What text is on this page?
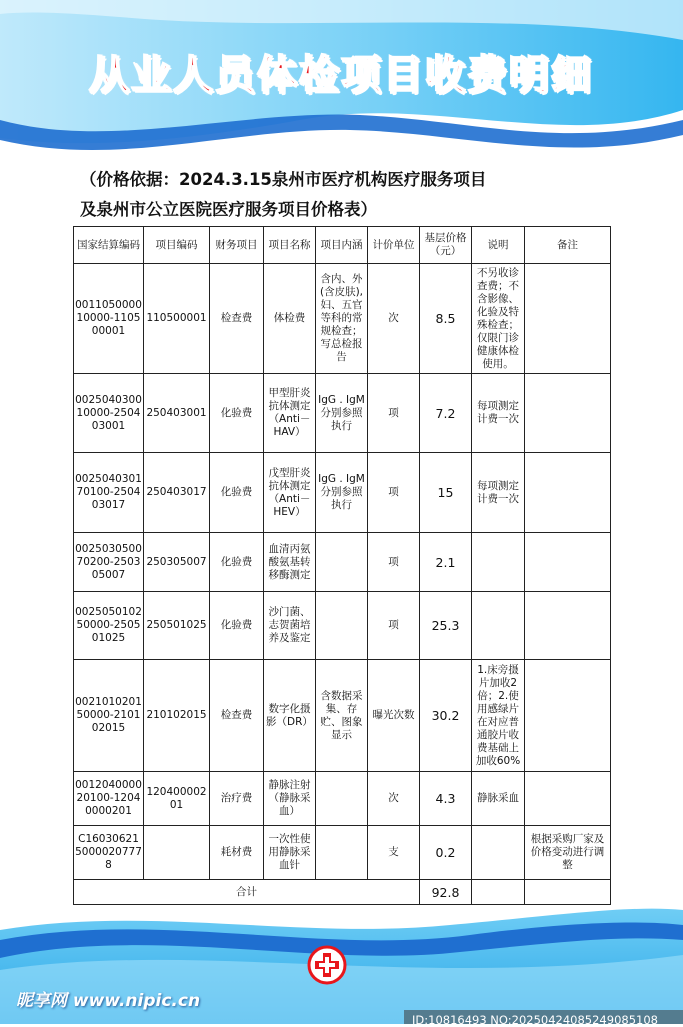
从业人员体检项目收费明细
（价格依据：2024.3.15泉州市医疗机构医疗服务项目
及泉州市公立医院医疗服务项目价格表）
国家结算编码	项目编码	财务项目	项目名称	项目内涵	计价单位	基层价格（元）	说明	备注
001105000010000-110500001	110500001	检查费	体检费	含内、外(含皮肤),妇、五官等科的常规检查；写总检报告	次	8.5	不另收诊查费；不含影像、化验及特殊检查；仅限门诊健康体检使用。	
002504030010000-250403001	250403001	化验费	甲型肝炎抗体测定（Anti－HAV）	IgG . IgM分别参照执行	项	7.2	每项测定计费一次	
002504030170100-250403017	250403017	化验费	戊型肝炎抗体测定（Anti－HEV）	IgG . IgM分别参照执行	项	15	每项测定计费一次	
002503050070200-250305007	250305007	化验费	血清丙氨酸氨基转移酶测定		项	2.1		
002505010250000-250501025	250501025	化验费	沙门菌、志贺菌培养及鉴定		项	25.3		
002101020150000-210102015	210102015	检查费	数字化摄影（DR）	含数据采集、存贮、图象显示	曝光次数	30.2	1.床旁摄片加收2倍；2.使用感绿片在对应普通胶片收费基础上加收60%	
001204000020100-12040000201	12040000201	治疗费	静脉注射（静脉采血）		次	4.3	静脉采血	
C1603062150000207778		耗材费	一次性使用静脉采血针		支	0.2		根据采购厂家及价格变动进行调整
合计						92.8		
昵享网 www.nipic.cn
ID:10816493 NO:20250424085249085108
